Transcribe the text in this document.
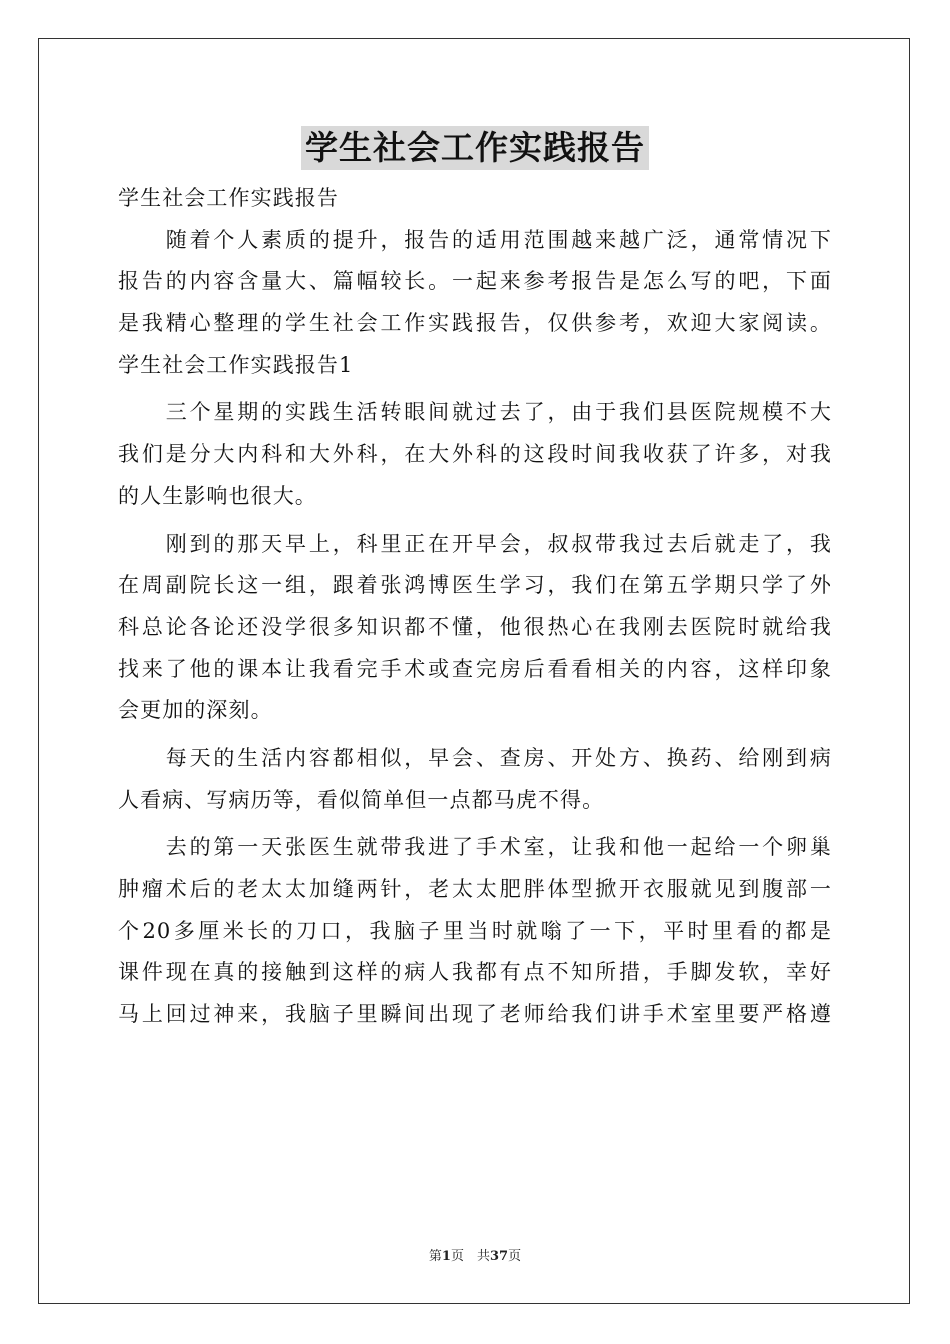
学生社会工作实践报告
学生社会工作实践报告
　　随着个人素质的提升，报告的适用范围越来越广泛，通常情况下
报告的内容含量大、篇幅较长。一起来参考报告是怎么写的吧，下面
是我精心整理的学生社会工作实践报告，仅供参考，欢迎大家阅读。
学生社会工作实践报告1
　　三个星期的实践生活转眼间就过去了，由于我们县医院规模不大
我们是分大内科和大外科，在大外科的这段时间我收获了许多，对我
的人生影响也很大。
　　刚到的那天早上，科里正在开早会，叔叔带我过去后就走了，我
在周副院长这一组，跟着张鸿博医生学习，我们在第五学期只学了外
科总论各论还没学很多知识都不懂，他很热心在我刚去医院时就给我
找来了他的课本让我看完手术或查完房后看看相关的内容，这样印象
会更加的深刻。
　　每天的生活内容都相似，早会、查房、开处方、换药、给刚到病
人看病、写病历等，看似简单但一点都马虎不得。
　　去的第一天张医生就带我进了手术室，让我和他一起给一个卵巢
肿瘤术后的老太太加缝两针，老太太肥胖体型掀开衣服就见到腹部一
个20多厘米长的刀口，我脑子里当时就嗡了一下，平时里看的都是
课件现在真的接触到这样的病人我都有点不知所措，手脚发软，幸好
马上回过神来，我脑子里瞬间出现了老师给我们讲手术室里要严格遵
第1页　共37页
